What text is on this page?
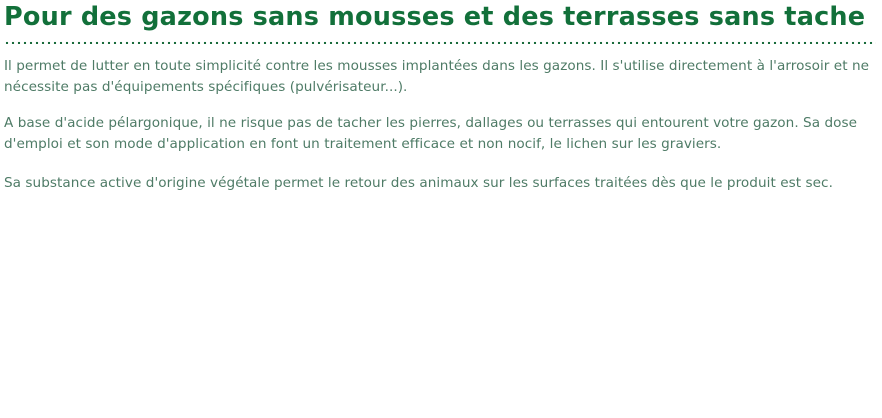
Pour des gazons sans mousses et des terrasses sans tache

Il permet de lutter en toute simplicité contre les mousses implantées dans les gazons. Il s'utilise directement à l'arrosoir et ne nécessite pas d'équipements spécifiques (pulvérisateur...).

A base d'acide pélargonique, il ne risque pas de tacher les pierres, dallages ou terrasses qui entourent votre gazon. Sa dose d'emploi et son mode d'application en font un traitement efficace et non nocif, le lichen sur les graviers.

Sa substance active d'origine végétale permet le retour des animaux sur les surfaces traitées dès que le produit est sec.
